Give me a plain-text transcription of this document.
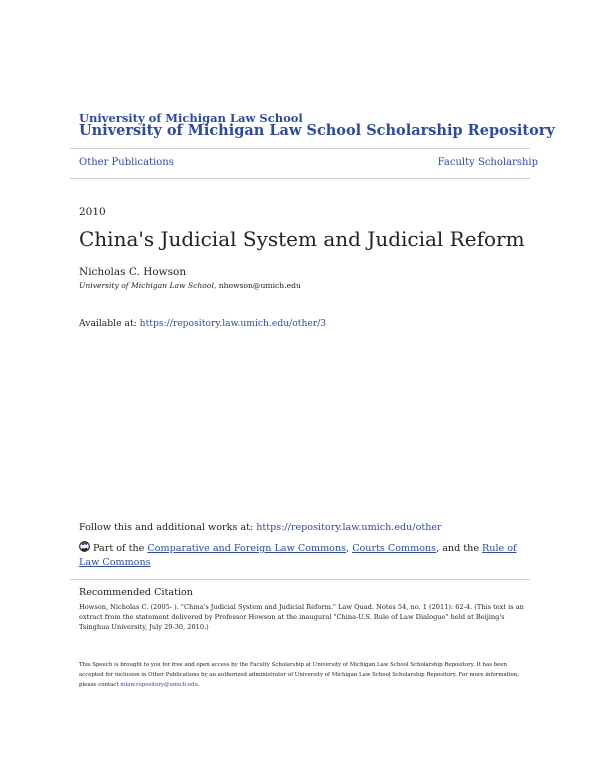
University of Michigan Law School
University of Michigan Law School Scholarship Repository
Other Publications	Faculty Scholarship
2010
China's Judicial System and Judicial Reform
Nicholas C. Howson
University of Michigan Law School, nhowson@umich.edu
Available at: https://repository.law.umich.edu/other/3
Follow this and additional works at: https://repository.law.umich.edu/other
Part of the Comparative and Foreign Law Commons, Courts Commons, and the Rule of Law Commons
Recommended Citation
Howson, Nicholas C. (2005- ). "China's Judicial System and Judicial Reform." Law Quad. Notes 54, no. 1 (2011): 62-4. (This text is an extract from the statement delivered by Professor Howson at the inaugural "China-U.S. Rule of Law Dialogue" held at Beijing's Tsinghua University, July 29-30, 2010.)
This Speech is brought to you for free and open access by the Faculty Scholarship at University of Michigan Law School Scholarship Repository. It has been accepted for inclusion in Other Publications by an authorized administrator of University of Michigan Law School Scholarship Repository. For more information, please contact mlaw.repository@umich.edu.
